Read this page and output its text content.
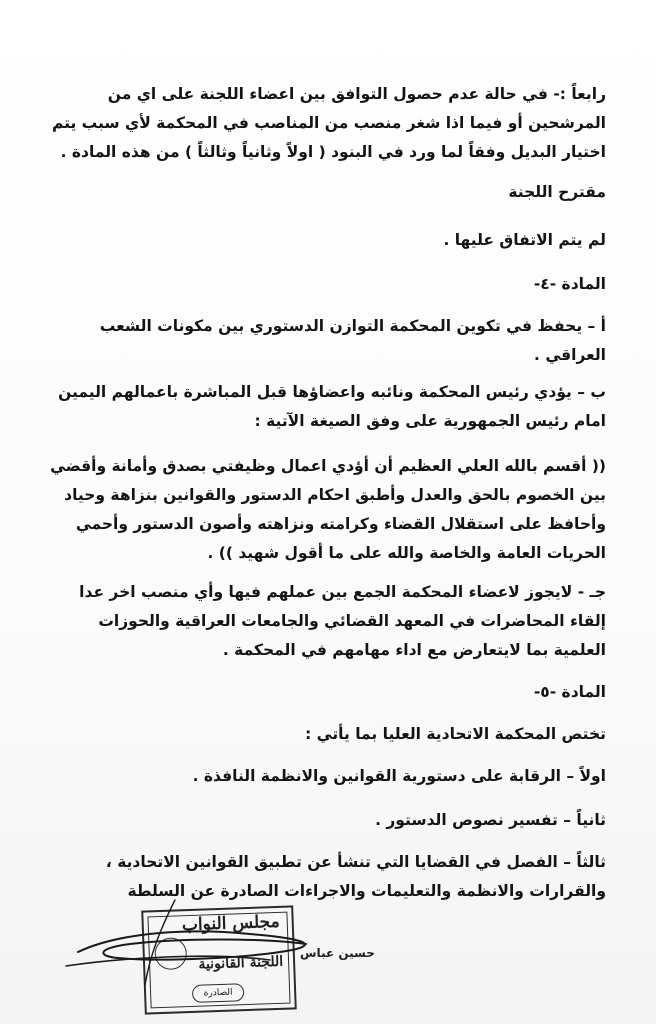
رابعاً :- في حالة عدم حصول التوافق بين اعضاء اللجنة على اي من
المرشحين أو فيما اذا شغر منصب من المناصب في المحكمة لأي سبب يتم
اختيار البديل وفقاً لما ورد في البنود ( اولاً وثانياً وثالثاً ) من هذه المادة .
مقترح اللجنة
لم يتم الاتفاق عليها .
المادة -٤-
أ – يحفظ في تكوين المحكمة التوازن الدستوري بين مكونات الشعب
العراقي .
ب – يؤدي رئيس المحكمة ونائبه واعضاؤها قبل المباشرة باعمالهم اليمين
امام رئيس الجمهورية على وفق الصيغة الآتية :
(( أقسم بالله العلي العظيم أن أؤدي اعمال وظيفتي بصدق وأمانة وأقضي
بين الخصوم بالحق والعدل وأطبق احكام الدستور والقوانين بنزاهة وحياد
وأحافظ على استقلال القضاء وكرامته ونزاهته وأصون الدستور وأحمي
الحريات العامة والخاصة والله على ما أقول شهيد )) .
جـ - لايجوز لاعضاء المحكمة الجمع بين عملهم فيها وأي منصب اخر عدا
إلقاء المحاضرات في المعهد القضائي والجامعات العراقية والحوزات
العلمية بما لايتعارض مع اداء مهامهم في المحكمة .
المادة -٥-
تختص المحكمة الاتحادية العليا بما يأتي :
اولاً – الرقابة على دستورية القوانين والانظمة النافذة .
ثانياً – تفسير نصوص الدستور .
ثالثاً – الفصل في القضايا التي تنشأ عن تطبيق القوانين الاتحادية ،
والقرارات والانظمة والتعليمات والاجراءات الصادرة عن السلطة
مجلس النواب
اللجنة القانونية
الصادرة
حسين عباس
